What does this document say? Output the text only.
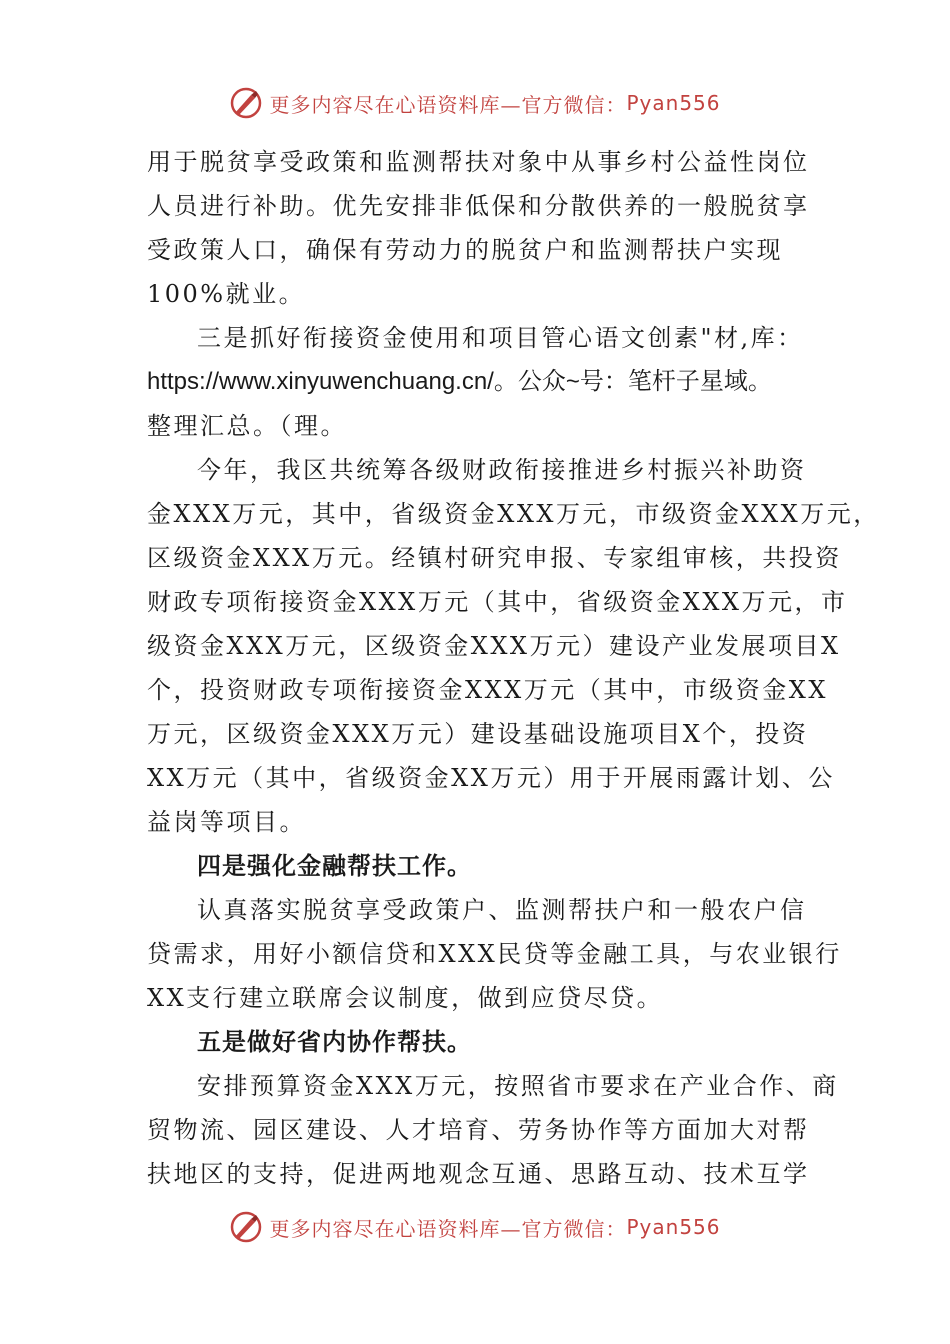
更多内容尽在心语资料库—官方微信： Pyan556
用于脱贫享受政策和监测帮扶对象中从事乡村公益性岗位
人员进行补助。优先安排非低保和分散供养的一般脱贫享
受政策人口，确保有劳动力的脱贫户和监测帮扶户实现
100%就业。
三是抓好衔接资金使用和项目管心语文创素"材,库：
https://www.xinyuwenchuang.cn/。公众~号：笔杆子星域。
整理汇总。（理。
今年，我区共统筹各级财政衔接推进乡村振兴补助资
金XXX万元，其中，省级资金XXX万元，市级资金XXX万元，
区级资金XXX万元。经镇村研究申报、专家组审核，共投资
财政专项衔接资金XXX万元（其中，省级资金XXX万元，市
级资金XXX万元，区级资金XXX万元）建设产业发展项目X
个，投资财政专项衔接资金XXX万元（其中，市级资金XX
万元，区级资金XXX万元）建设基础设施项目X个，投资
XX万元（其中，省级资金XX万元）用于开展雨露计划、公
益岗等项目。
四是强化金融帮扶工作。
认真落实脱贫享受政策户、监测帮扶户和一般农户信
贷需求，用好小额信贷和XXX民贷等金融工具，与农业银行
XX支行建立联席会议制度，做到应贷尽贷。
五是做好省内协作帮扶。
安排预算资金XXX万元，按照省市要求在产业合作、商
贸物流、园区建设、人才培育、劳务协作等方面加大对帮
扶地区的支持，促进两地观念互通、思路互动、技术互学
更多内容尽在心语资料库—官方微信： Pyan556
